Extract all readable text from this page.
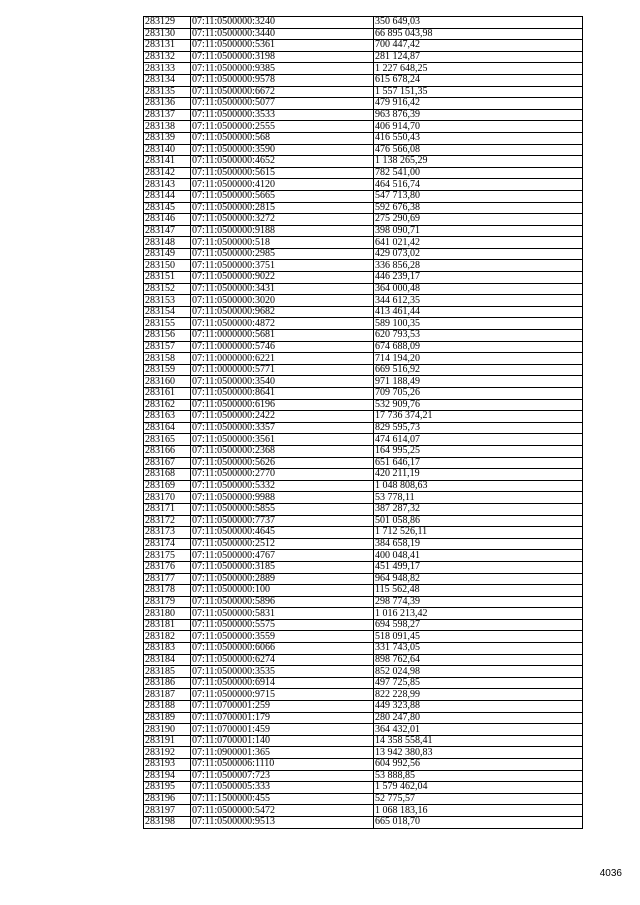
283129	07:11:0500000:3240	350 649,03
283130	07:11:0500000:3440	66 895 043,98
283131	07:11:0500000:5361	700 447,42
283132	07:11:0500000:3198	281 124,87
283133	07:11:0500000:9385	1 227 648,25
283134	07:11:0500000:9578	615 678,24
283135	07:11:0500000:6672	1 557 151,35
283136	07:11:0500000:5077	479 916,42
283137	07:11:0500000:3533	963 876,39
283138	07:11:0500000:2555	406 914,70
283139	07:11:0500000:568	416 550,43
283140	07:11:0500000:3590	476 566,08
283141	07:11:0500000:4652	1 138 265,29
283142	07:11:0500000:5615	782 541,00
283143	07:11:0500000:4120	464 516,74
283144	07:11:0500000:5665	547 713,80
283145	07:11:0500000:2815	592 676,38
283146	07:11:0500000:3272	275 290,69
283147	07:11:0500000:9188	398 090,71
283148	07:11:0500000:518	641 021,42
283149	07:11:0500000:2985	429 073,02
283150	07:11:0500000:3751	336 856,28
283151	07:11:0500000:9022	446 239,17
283152	07:11:0500000:3431	364 000,48
283153	07:11:0500000:3020	344 612,35
283154	07:11:0500000:9682	413 461,44
283155	07:11:0500000:4872	589 100,35
283156	07:11:0000000:5681	620 793,53
283157	07:11:0000000:5746	674 688,09
283158	07:11:0000000:6221	714 194,20
283159	07:11:0000000:5771	669 516,92
283160	07:11:0500000:3540	971 188,49
283161	07:11:0500000:8641	709 705,26
283162	07:11:0500000:6196	532 909,76
283163	07:11:0500000:2422	17 736 374,21
283164	07:11:0500000:3357	829 595,73
283165	07:11:0500000:3561	474 614,07
283166	07:11:0500000:2368	164 995,25
283167	07:11:0500000:5626	651 646,17
283168	07:11:0500000:2770	420 211,19
283169	07:11:0500000:5332	1 048 808,63
283170	07:11:0500000:9988	53 778,11
283171	07:11:0500000:5855	387 287,32
283172	07:11:0500000:7737	501 058,86
283173	07:11:0500000:4645	1 712 526,11
283174	07:11:0500000:2512	384 658,19
283175	07:11:0500000:4767	400 048,41
283176	07:11:0500000:3185	451 499,17
283177	07:11:0500000:2889	964 948,82
283178	07:11:0500000:100	115 562,48
283179	07:11:0500000:5896	298 774,39
283180	07:11:0500000:5831	1 016 213,42
283181	07:11:0500000:5575	694 598,27
283182	07:11:0500000:3559	518 091,45
283183	07:11:0500000:6066	331 743,05
283184	07:11:0500000:6274	898 762,64
283185	07:11:0500000:3535	852 024,98
283186	07:11:0500000:6914	497 725,85
283187	07:11:0500000:9715	822 228,99
283188	07:11:0700001:259	449 323,88
283189	07:11:0700001:179	280 247,80
283190	07:11:0700001:459	364 432,01
283191	07:11:0700001:140	14 358 558,41
283192	07:11:0900001:365	13 942 380,83
283193	07:11:0500006:1110	604 992,56
283194	07:11:0500007:723	53 888,85
283195	07:11:0500005:333	1 579 462,04
283196	07:11:1500000:455	52 775,57
283197	07:11:0500000:5472	1 068 183,16
283198	07:11:0500000:9513	665 018,70
4036
